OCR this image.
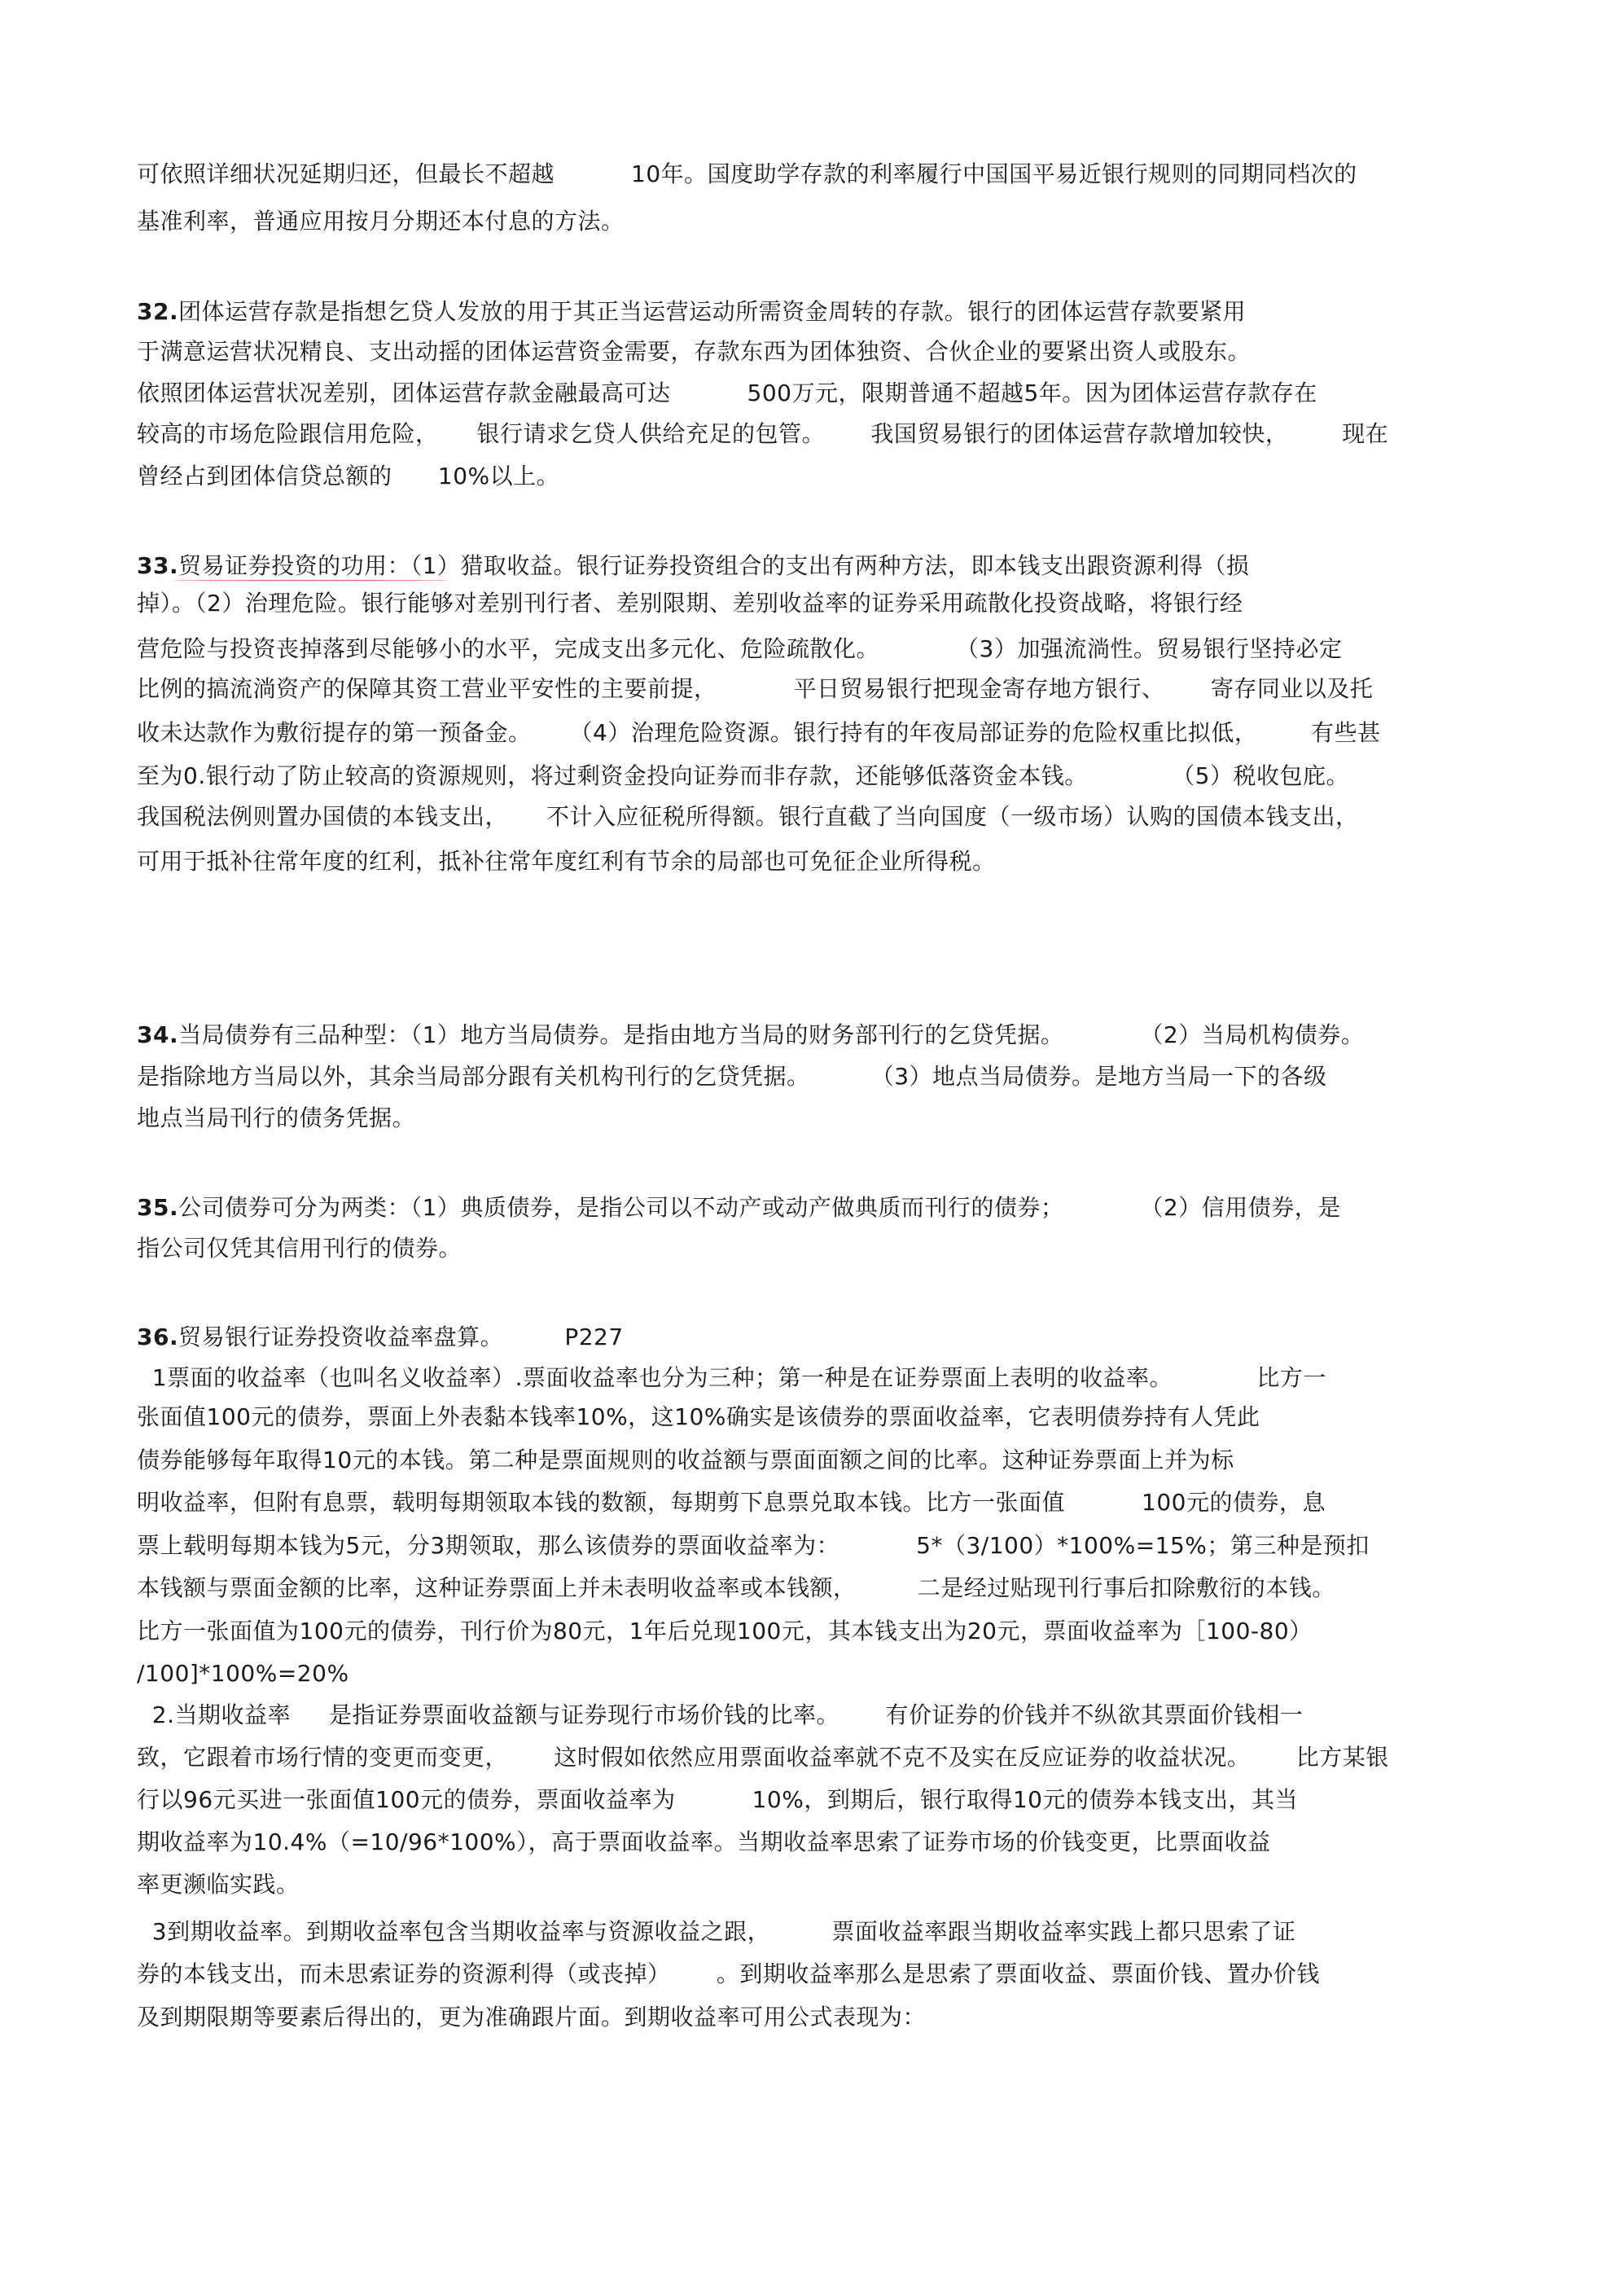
可依照详细状况延期归还，但最长不超越          10年。国度助学存款的利率履行中国国平易近银行规则的同期同档次的
基准利率，普通应用按月分期还本付息的方法。
32.团体运营存款是指想乞贷人发放的用于其正当运营运动所需资金周转的存款。银行的团体运营存款要紧用
于满意运营状况精良、支出动摇的团体运营资金需要，存款东西为团体独资、合伙企业的要紧出资人或股东。
依照团体运营状况差别，团体运营存款金融最高可达          500万元，限期普通不超越5年。因为团体运营存款存在
较高的市场危险跟信用危险，     银行请求乞贷人供给充足的包管。      我国贸易银行的团体运营存款增加较快，       现在
曾经占到团体信贷总额的      10%以上。
33.贸易证券投资的功用：（1）猎取收益。银行证券投资组合的支出有两种方法，即本钱支出跟资源利得（损
掉）。（2）治理危险。银行能够对差别刊行者、差别限期、差别收益率的证券采用疏散化投资战略，将银行经
营危险与投资丧掉落到尽能够小的水平，完成支出多元化、危险疏散化。          （3）加强流淌性。贸易银行坚持必定
比例的搞流淌资产的保障其资工营业平安性的主要前提，          平日贸易银行把现金寄存地方银行、      寄存同业以及托
收未达款作为敷衍提存的第一预备金。     （4）治理危险资源。银行持有的年夜局部证券的危险权重比拟低，       有些甚
至为0.银行动了防止较高的资源规则，将过剩资金投向证券而非存款，还能够低落资金本钱。           （5）税收包庇。
我国税法例则置办国债的本钱支出，     不计入应征税所得额。银行直截了当向国度（一级市场）认购的国债本钱支出，
可用于抵补往常年度的红利，抵补往常年度红利有节余的局部也可免征企业所得税。
34.当局债券有三品种型：（1）地方当局债券。是指由地方当局的财务部刊行的乞贷凭据。          （2）当局机构债券。
是指除地方当局以外，其余当局部分跟有关机构刊行的乞贷凭据。        （3）地点当局债券。是地方当局一下的各级
地点当局刊行的债务凭据。
35.公司债券可分为两类：（1）典质债券，是指公司以不动产或动产做典质而刊行的债券；          （2）信用债券，是
指公司仅凭其信用刊行的债券。
36.贸易银行证券投资收益率盘算。        P227
1票面的收益率（也叫名义收益率）.票面收益率也分为三种；第一种是在证券票面上表明的收益率。           比方一
张面值100元的债券，票面上外表黏本钱率10%，这10%确实是该债券的票面收益率，它表明债券持有人凭此
债券能够每年取得10元的本钱。第二种是票面规则的收益额与票面面额之间的比率。这种证券票面上并为标
明收益率，但附有息票，载明每期领取本钱的数额，每期剪下息票兑取本钱。比方一张面值          100元的债券，息
票上载明每期本钱为5元，分3期领取，那么该债券的票面收益率为：          5*（3/100）*100%=15%；第三种是预扣
本钱额与票面金额的比率，这种证券票面上并未表明收益率或本钱额，        二是经过贴现刊行事后扣除敷衍的本钱。
比方一张面值为100元的债券，刊行价为80元，1年后兑现100元，其本钱支出为20元，票面收益率为［100-80）
/100]*100%=20%
2.当期收益率     是指证券票面收益额与证券现行市场价钱的比率。      有价证券的价钱并不纵欲其票面价钱相一
致，它跟着市场行情的变更而变更，      这时假如依然应用票面收益率就不克不及实在反应证券的收益状况。      比方某银
行以96元买进一张面值100元的债券，票面收益率为          10%，到期后，银行取得10元的债券本钱支出，其当
期收益率为10.4%（=10/96*100%），高于票面收益率。当期收益率思索了证券市场的价钱变更，比票面收益
率更濒临实践。
3到期收益率。到期收益率包含当期收益率与资源收益之跟，        票面收益率跟当期收益率实践上都只思索了证
券的本钱支出，而未思索证券的资源利得（或丧掉）      。到期收益率那么是思索了票面收益、票面价钱、置办价钱
及到期限期等要素后得出的，更为准确跟片面。到期收益率可用公式表现为：
